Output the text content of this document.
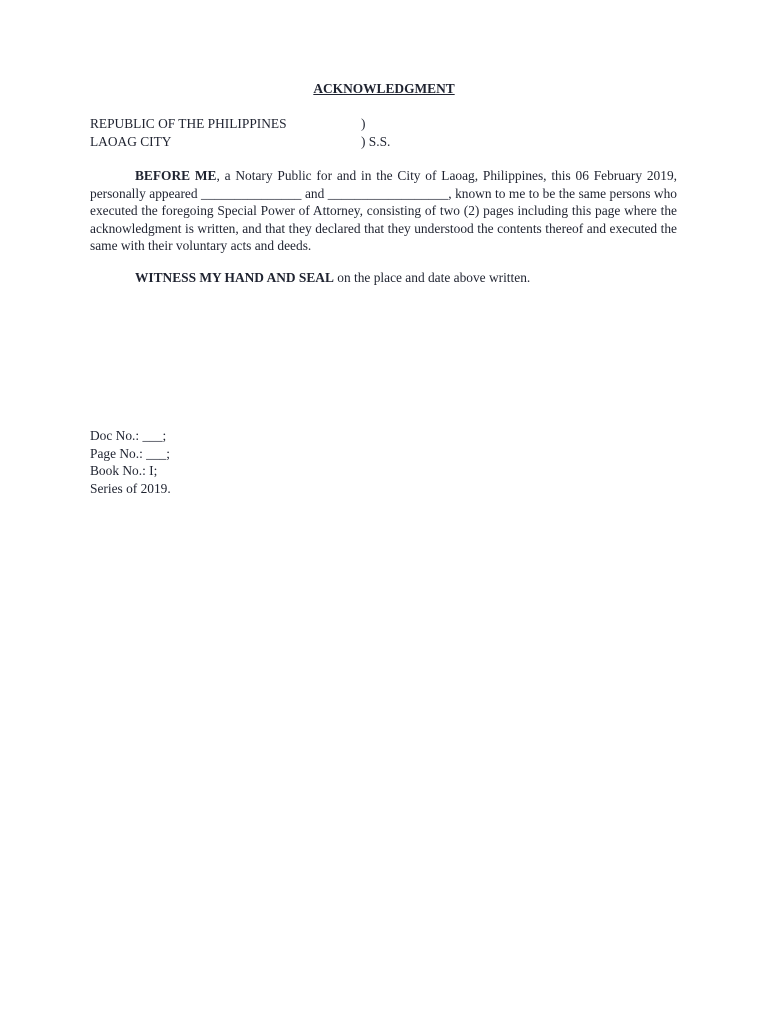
ACKNOWLEDGMENT
REPUBLIC OF THE PHILIPPINES	)
LAOAG CITY	) S.S.

BEFORE ME, a Notary Public for and in the City of Laoag, Philippines, this 06 February 2019, personally appeared _______________ and __________________, known to me to be the same persons who executed the foregoing Special Power of Attorney, consisting of two (2) pages including this page where the acknowledgment is written, and that they declared that they understood the contents thereof and executed the same with their voluntary acts and deeds.

WITNESS MY HAND AND SEAL on the place and date above written.

Doc No.: ___;
Page No.: ___;
Book No.: I;
Series of 2019.
